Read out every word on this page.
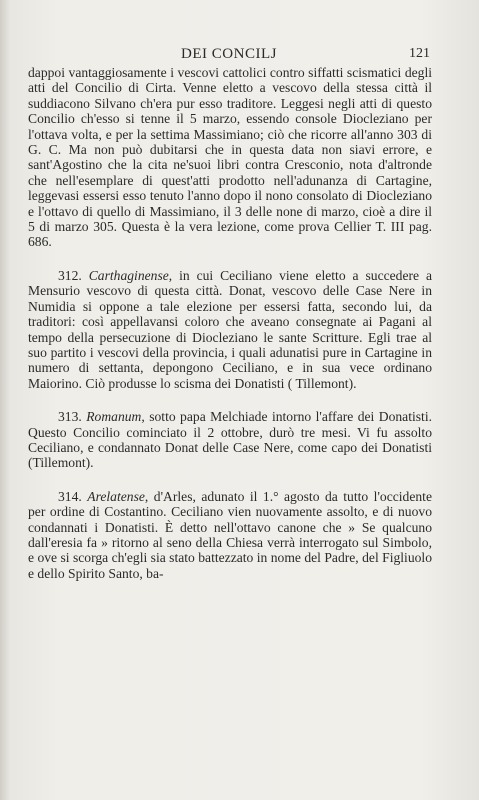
DEI CONCILJ	121

dappoi vantaggiosamente i vescovi cattolici contro siffatti scismatici degli atti del Concilio di Cirta. Venne eletto a vescovo della stessa città il suddiacono Silvano ch'era pur esso traditore. Leggesi negli atti di questo Concilio ch'esso si tenne il 5 marzo, essendo console Diocleziano per l'ottava volta, e per la settima Massimiano; ciò che ricorre all'anno 303 di G. C. Ma non può dubitarsi che in questa data non siavi errore, e sant'Agostino che la cita ne'suoi libri contra Cresconio, nota d'altronde che nell'esemplare di quest'atti prodotto nell'adunanza di Cartagine, leggevasi essersi esso tenuto l'anno dopo il nono consolato di Diocleziano e l'ottavo di quello di Massimiano, il 3 delle none di marzo, cioè a dire il 5 di marzo 305. Questa è la vera lezione, come prova Cellier T. III pag. 686.

312. Carthaginense, in cui Ceciliano viene eletto a succedere a Mensurio vescovo di questa città. Donat, vescovo delle Case Nere in Numidia si oppone a tale elezione per essersi fatta, secondo lui, da traditori: così appellavansi coloro che aveano consegnate ai Pagani al tempo della persecuzione di Diocleziano le sante Scritture. Egli trae al suo partito i vescovi della provincia, i quali adunatisi pure in Cartagine in numero di settanta, depongono Ceciliano, e in sua vece ordinano Maiorino. Ciò produsse lo scisma dei Donatisti ( Tillemont).

313. Romanum, sotto papa Melchiade intorno l'affare dei Donatisti. Questo Concilio cominciato il 2 ottobre, durò tre mesi. Vi fu assolto Ceciliano, e condannato Donat delle Case Nere, come capo dei Donatisti (Tillemont).

314. Arelatense, d'Arles, adunato il 1.° agosto da tutto l'occidente per ordine di Costantino. Ceciliano vien nuovamente assolto, e di nuovo condannati i Donatisti. È detto nell'ottavo canone che » Se qualcuno dall'eresia fa » ritorno al seno della Chiesa verrà interrogato sul Simbolo, e ove si scorga ch'egli sia stato battezzato in nome del Padre, del Figliuolo e dello Spirito Santo, ba-
